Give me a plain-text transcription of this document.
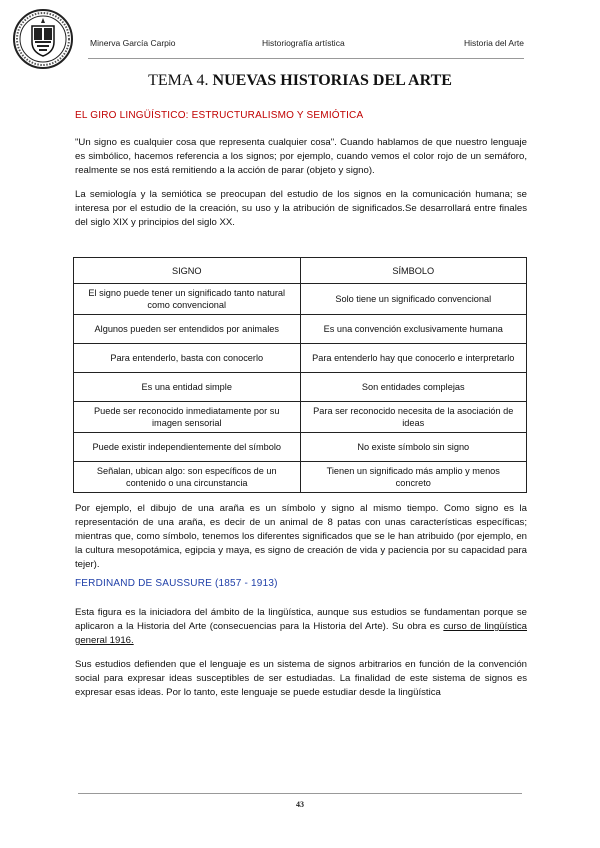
Minerva García Carpio	Historiografía artística	Historia del Arte
TEMA 4. NUEVAS HISTORIAS DEL ARTE
EL GIRO LINGÜÍSTICO: ESTRUCTURALISMO Y SEMIÓTICA
"Un signo es cualquier cosa que representa cualquier cosa". Cuando hablamos de que nuestro lenguaje es simbólico, hacemos referencia a los signos; por ejemplo, cuando vemos el color rojo de un semáforo, realmente se nos está remitiendo a la acción de parar (objeto y signo).
La semiología y la semiótica se preocupan del estudio de los signos en la comunicación humana; se interesa por el estudio de la creación, su uso y la atribución de significados.Se desarrollará entre finales del siglo XIX y principios del siglo XX.
SIGNO	SÍMBOLO
El signo puede tener un significado tanto natural como convencional	Solo tiene un significado convencional
Algunos pueden ser entendidos por animales	Es una convención exclusivamente humana
Para entenderlo, basta con conocerlo	Para entenderlo hay que conocerlo e interpretarlo
Es una entidad simple	Son entidades complejas
Puede ser reconocido inmediatamente por su imagen sensorial	Para ser reconocido necesita de la asociación de ideas
Puede existir independientemente del símbolo	No existe símbolo sin signo
Señalan, ubican algo: son específicos de un contenido o una circunstancia	Tienen un significado más amplio y menos concreto
Por ejemplo, el dibujo de una araña es un símbolo y signo al mismo tiempo. Como signo es la representación de una araña, es decir de un animal de 8 patas con unas características específicas; mientras que, como símbolo, tenemos los diferentes significados que se le han atribuido (por ejemplo, en la cultura mesopotámica, egipcia y maya, es signo de creación de vida y paciencia por su capacidad para tejer).
FERDINAND DE SAUSSURE (1857 - 1913)
Esta figura es la iniciadora del ámbito de la lingüística, aunque sus estudios se fundamentan porque se aplicaron a la Historia del Arte (consecuencias para la Historia del Arte). Su obra es curso de lingüística general 1916.
Sus estudios defienden que el lenguaje es un sistema de signos arbitrarios en función de la convención social para expresar ideas susceptibles de ser estudiadas. La finalidad de este sistema de signos es expresar esas ideas. Por lo tanto, este lenguaje se puede estudiar desde la lingüística
43
